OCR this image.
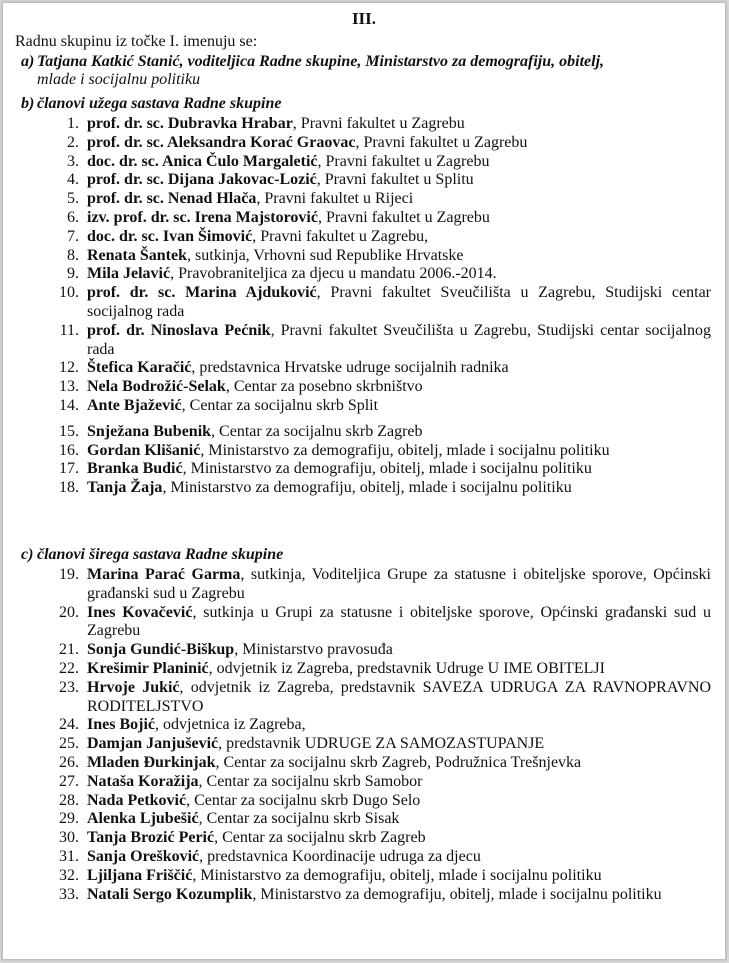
III.
Radnu skupinu iz točke I. imenuju se:
a) Tatjana Katkić Stanić, voditeljica Radne skupine, Ministarstvo za demografiju, obitelj,
mlade i socijalnu politiku
b) članovi užega sastava Radne skupine
1. prof. dr. sc. Dubravka Hrabar, Pravni fakultet u Zagrebu
2. prof. dr. sc. Aleksandra Korać Graovac, Pravni fakultet u Zagrebu
3. doc. dr. sc. Anica Čulo Margaletić, Pravni fakultet u Zagrebu
4. prof. dr. sc. Dijana Jakovac-Lozić, Pravni fakultet u Splitu
5. prof. dr. sc. Nenad Hlača, Pravni fakultet u Rijeci
6. izv. prof. dr. sc. Irena Majstorović, Pravni fakultet u Zagrebu
7. doc. dr. sc. Ivan Šimović, Pravni fakultet u Zagrebu,
8. Renata Šantek, sutkinja, Vrhovni sud Republike Hrvatske
9. Mila Jelavić, Pravobraniteljica za djecu u mandatu 2006.-2014.
10. prof. dr. sc. Marina Ajduković, Pravni fakultet Sveučilišta u Zagrebu, Studijski centar socijalnog rada
11. prof. dr. Ninoslava Pećnik, Pravni fakultet Sveučilišta u Zagrebu, Studijski centar socijalnog rada
12. Štefica Karačić, predstavnica Hrvatske udruge socijalnih radnika
13. Nela Bodrožić-Selak, Centar za posebno skrbništvo
14. Ante Bjažević, Centar za socijalnu skrb Split
15. Snježana Bubenik, Centar za socijalnu skrb Zagreb
16. Gordan Klišanić, Ministarstvo za demografiju, obitelj, mlade i socijalnu politiku
17. Branka Budić, Ministarstvo za demografiju, obitelj, mlade i socijalnu politiku
18. Tanja Žaja, Ministarstvo za demografiju, obitelj, mlade i socijalnu politiku
c) članovi širega sastava Radne skupine
19. Marina Parać Garma, sutkinja, Voditeljica Grupe za statusne i obiteljske sporove, Općinski građanski sud u Zagrebu
20. Ines Kovačević, sutkinja u Grupi za statusne i obiteljske sporove, Općinski građanski sud u Zagrebu
21. Sonja Gundić-Biškup, Ministarstvo pravosuđa
22. Krešimir Planinić, odvjetnik iz Zagreba, predstavnik Udruge U IME OBITELJI
23. Hrvoje Jukić, odvjetnik iz Zagreba, predstavnik SAVEZA UDRUGA ZA RAVNOPRAVNO RODITELJSTVO
24. Ines Bojić, odvjetnica iz Zagreba,
25. Damjan Janjušević, predstavnik UDRUGE ZA SAMOZASTUPANJE
26. Mladen Đurkinjak, Centar za socijalnu skrb Zagreb, Podružnica Trešnjevka
27. Nataša Koražija, Centar za socijalnu skrb Samobor
28. Nada Petković, Centar za socijalnu skrb Dugo Selo
29. Alenka Ljubešić, Centar za socijalnu skrb Sisak
30. Tanja Brozić Perić, Centar za socijalnu skrb Zagreb
31. Sanja Orešković, predstavnica Koordinacije udruga za djecu
32. Ljiljana Friščić, Ministarstvo za demografiju, obitelj, mlade i socijalnu politiku
33. Natali Sergo Kozumplik, Ministarstvo za demografiju, obitelj, mlade i socijalnu politiku
